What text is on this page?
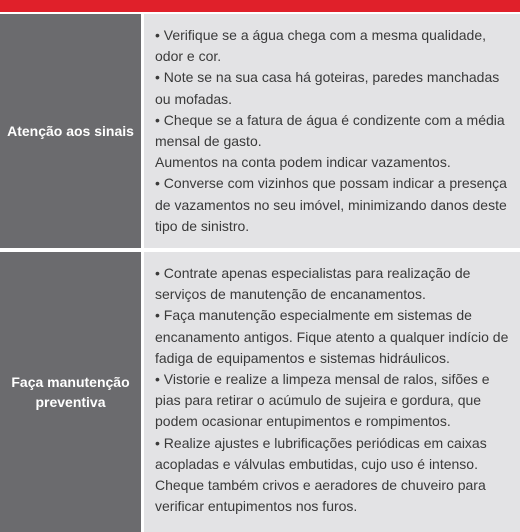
Atenção aos sinais
• Verifique se a água chega com a mesma qualidade, odor e cor.
• Note se na sua casa há goteiras, paredes manchadas ou mofadas.
• Cheque se a fatura de água é condizente com a média mensal de gasto.
Aumentos na conta podem indicar vazamentos.
• Converse com vizinhos que possam indicar a presença de vazamentos no seu imóvel, minimizando danos deste tipo de sinistro.
Faça manutenção preventiva
• Contrate apenas especialistas para realização de serviços de manutenção de encanamentos.
• Faça manutenção especialmente em sistemas de encanamento antigos. Fique atento a qualquer indício de fadiga de equipamentos e sistemas hidráulicos.
• Vistorie e realize a limpeza mensal de ralos, sifões e pias para retirar o acúmulo de sujeira e gordura, que podem ocasionar entupimentos e rompimentos.
• Realize ajustes e lubrificações periódicas em caixas acopladas e válvulas embutidas, cujo uso é intenso.
Cheque também crivos e aeradores de chuveiro para verificar entupimentos nos furos.
